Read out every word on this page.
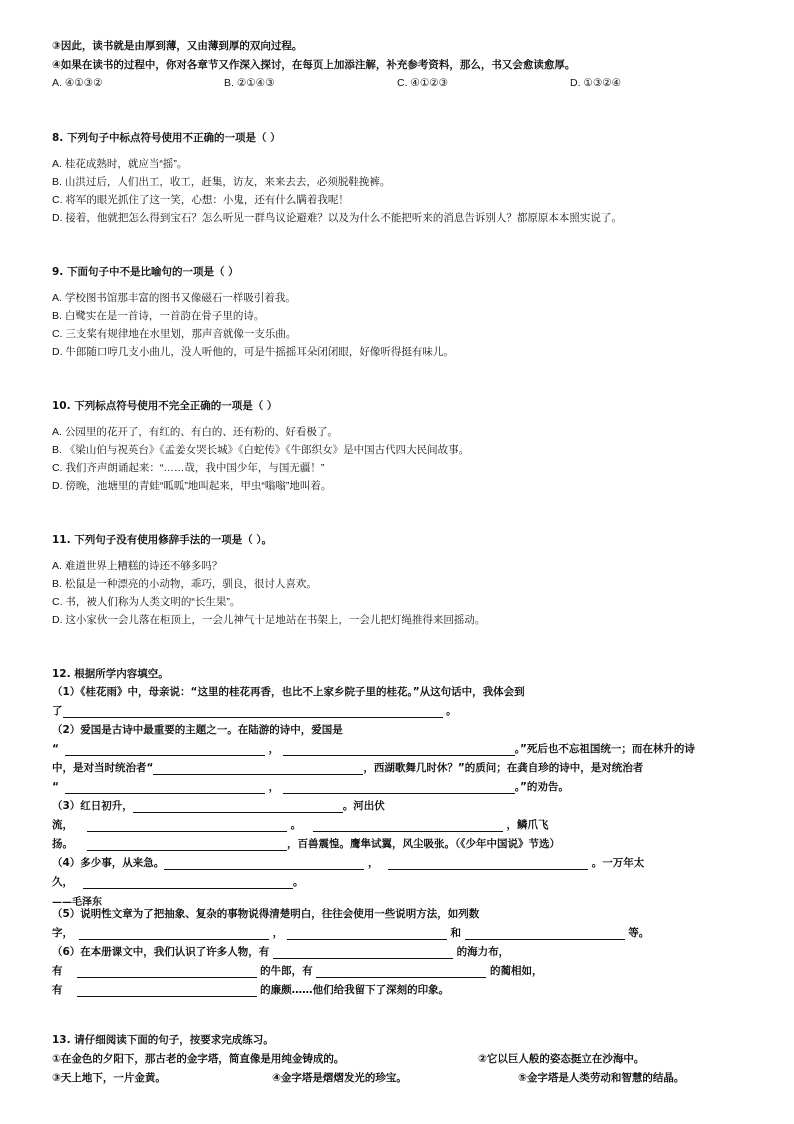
③因此，读书就是由厚到薄，又由薄到厚的双向过程。
④如果在读书的过程中，你对各章节又作深入探讨，在每页上加添注解，补充参考资料，那么，书又会愈读愈厚。
A. ④①③②	B. ②①④③	C. ④①②③	D. ①③②④
8. 下列句子中标点符号使用不正确的一项是（ ）
A. 桂花成熟时，就应当“摇”。
B. 山洪过后，人们出工，收工，赶集，访友，来来去去，必须脱鞋挽裤。
C. 将军的眼光抓住了这一笑，心想：小鬼，还有什么瞒着我呢！
D. 接着，他就把怎么得到宝石？怎么听见一群鸟议论避难？以及为什么不能把听来的消息告诉别人？都原原本本照实说了。
9. 下面句子中不是比喻句的一项是（ ）
A. 学校图书馆那丰富的图书又像磁石一样吸引着我。
B. 白鹭实在是一首诗，一首韵在骨子里的诗。
C. 三支桨有规律地在水里划，那声音就像一支乐曲。
D. 牛郎随口哼几支小曲儿，没人听他的，可是牛摇摇耳朵闭闭眼，好像听得挺有味儿。
10. 下列标点符号使用不完全正确的一项是（ ）
A. 公园里的花开了，有红的、有白的、还有粉的、好看极了。
B. 《梁山伯与祝英台》《孟姜女哭长城》《白蛇传》《牛郎织女》是中国古代四大民间故事。
C. 我们齐声朗诵起来：“……哉，我中国少年，与国无疆！”
D. 傍晚，池塘里的青蛙“呱呱”地叫起来，甲虫“嗡嗡”地叫着。
11. 下列句子没有使用修辞手法的一项是（ ）。
A. 难道世界上糟糕的诗还不够多吗？
B. 松鼠是一种漂亮的小动物，乖巧，驯良，很讨人喜欢。
C. 书，被人们称为人类文明的“长生果”。
D. 这小家伙一会儿落在柜顶上，一会儿神气十足地站在书架上，一会儿把灯绳推得来回摇动。
12. 根据所学内容填空。
（1）《桂花雨》中，母亲说：“这里的桂花再香，也比不上家乡院子里的桂花。”从这句话中，我体会到
了	。
（2）爱国是古诗中最重要的主题之一。在陆游的诗中，爱国是
“	，	。”死后也不忘祖国统一；而在林升的诗
中，是对当时统治者“	，西湖歌舞几时休？”的质问；在龚自珍的诗中，是对统治者
“	，	。”的劝告。
（3）红日初升，	。河出伏
流，	。	，鳞爪飞
扬。	，百兽震惶。鹰隼试翼，风尘吸张。（《少年中国说》节选）
（4）多少事，从来急。	，	。一万年太
久，	。
——毛泽东
（5）说明性文章为了把抽象、复杂的事物说得清楚明白，往往会使用一些说明方法，如列数
字，	，	和	等。
（6）在本册课文中，我们认识了许多人物，有	的海力布，
有	的牛郎，有	的蔺相如，
有	的廉颇……他们给我留下了深刻的印象。
13. 请仔细阅读下面的句子，按要求完成练习。
①在金色的夕阳下，那古老的金字塔，简直像是用纯金铸成的。	②它以巨人般的姿态挺立在沙海中。
③天上地下，一片金黄。	④金字塔是熠熠发光的珍宝。	⑤金字塔是人类劳动和智慧的结晶。
